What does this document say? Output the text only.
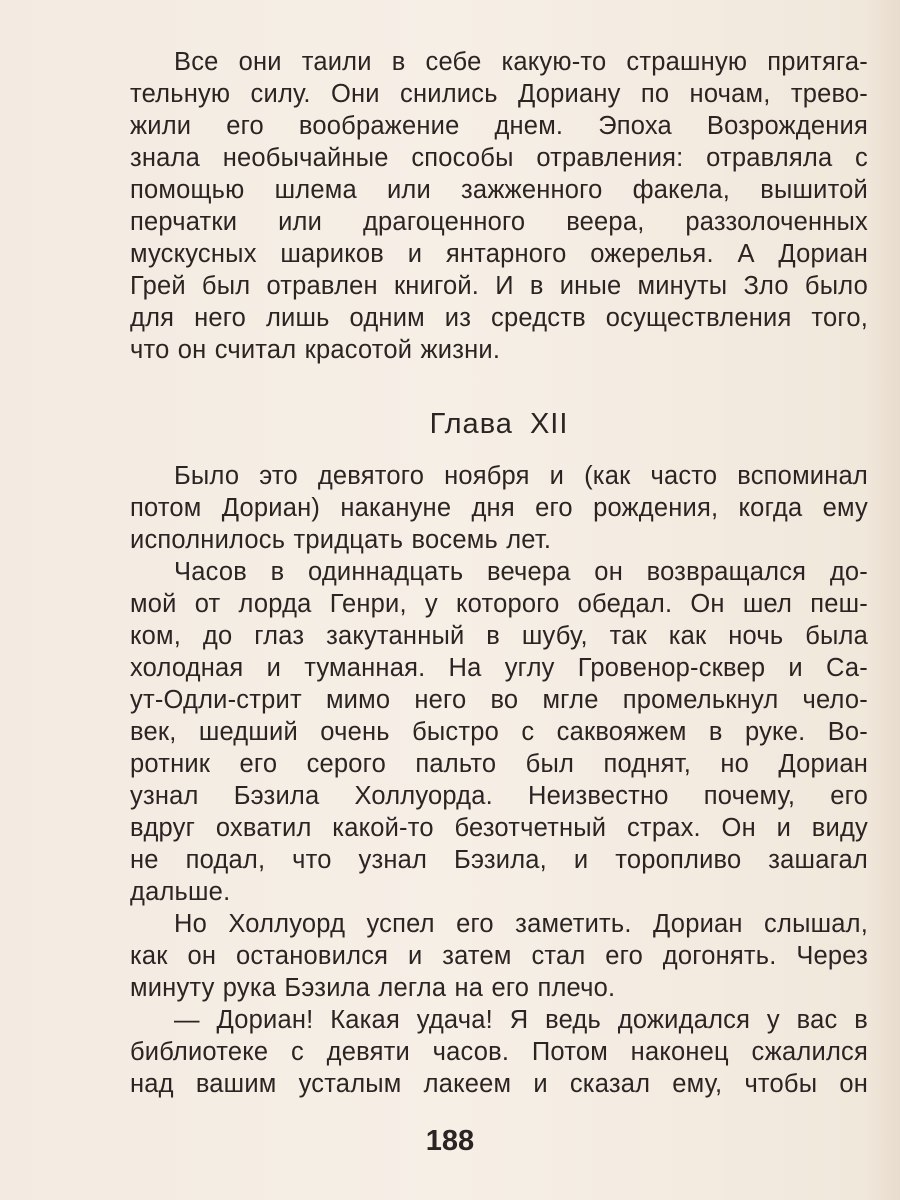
Все они таили в себе какую-то страшную притяга-
тельную силу. Они снились Дориану по ночам, трево-
жили его воображение днем. Эпоха Возрождения
знала необычайные способы отравления: отравляла с
помощью шлема или зажженного факела, вышитой
перчатки или драгоценного веера, раззолоченных
мускусных шариков и янтарного ожерелья. А Дориан
Грей был отравлен книгой. И в иные минуты Зло было
для него лишь одним из средств осуществления того,
что он считал красотой жизни.
Глава XII
Было это девятого ноября и (как часто вспоминал
потом Дориан) накануне дня его рождения, когда ему
исполнилось тридцать восемь лет.
Часов в одиннадцать вечера он возвращался до-
мой от лорда Генри, у которого обедал. Он шел пеш-
ком, до глаз закутанный в шубу, так как ночь была
холодная и туманная. На углу Гровенор-сквер и Са-
ут-Одли-стрит мимо него во мгле промелькнул чело-
век, шедший очень быстро с саквояжем в руке. Во-
ротник его серого пальто был поднят, но Дориан
узнал Бэзила Холлуорда. Неизвестно почему, его
вдруг охватил какой-то безотчетный страх. Он и виду
не подал, что узнал Бэзила, и торопливо зашагал
дальше.
Но Холлуорд успел его заметить. Дориан слышал,
как он остановился и затем стал его догонять. Через
минуту рука Бэзила легла на его плечо.
— Дориан! Какая удача! Я ведь дожидался у вас в
библиотеке с девяти часов. Потом наконец сжалился
над вашим усталым лакеем и сказал ему, чтобы он
188
